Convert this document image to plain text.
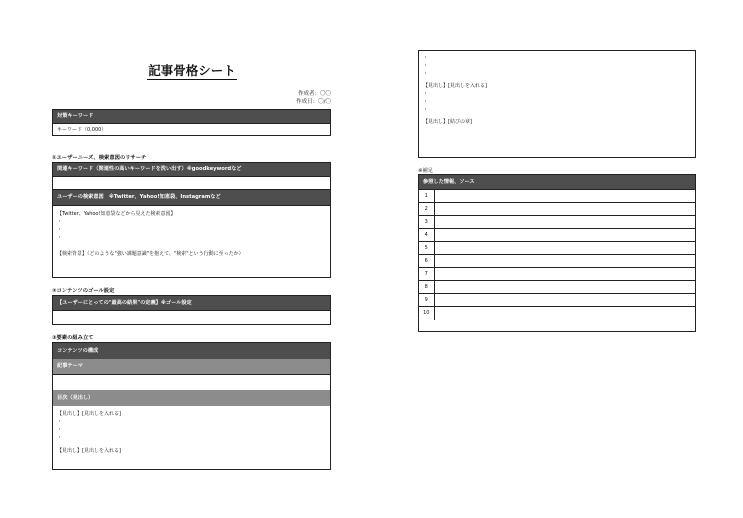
記事骨格シート
作成者：〇〇
作成日：〇/〇
対策キーワード
キーワード（0,000）
①ユーザーニーズ、検索意図のリサーチ
関連キーワード（関連性の高いキーワードを洗い出す）※goodkeywordなど
ユーザーの検索意図　※Twitter、Yahoo!知恵袋、Instagramなど
【Twitter、Yahoo!知恵袋などから見えた検索意図】
・
・
・
【検索背景】（どのような"強い課題意識"を抱えて、"検索"という行動に至ったか）
②コンテンツのゴール設定
【ユーザーにとっての"最高の結果"の定義】※ゴール設定
③要素の組み立て
コンテンツの構成
記事テーマ
目次（見出し）
【見出し】[見出しを入れる]
・
・
・
【見出し】[見出しを入れる]
・
・
・
【見出し】[見出しを入れる]
・
・
・
【見出し】[結びの章]
※補足
参照した情報、ソース
1	
2	
3	
4	
5	
6	
7	
8	
9	
10	
